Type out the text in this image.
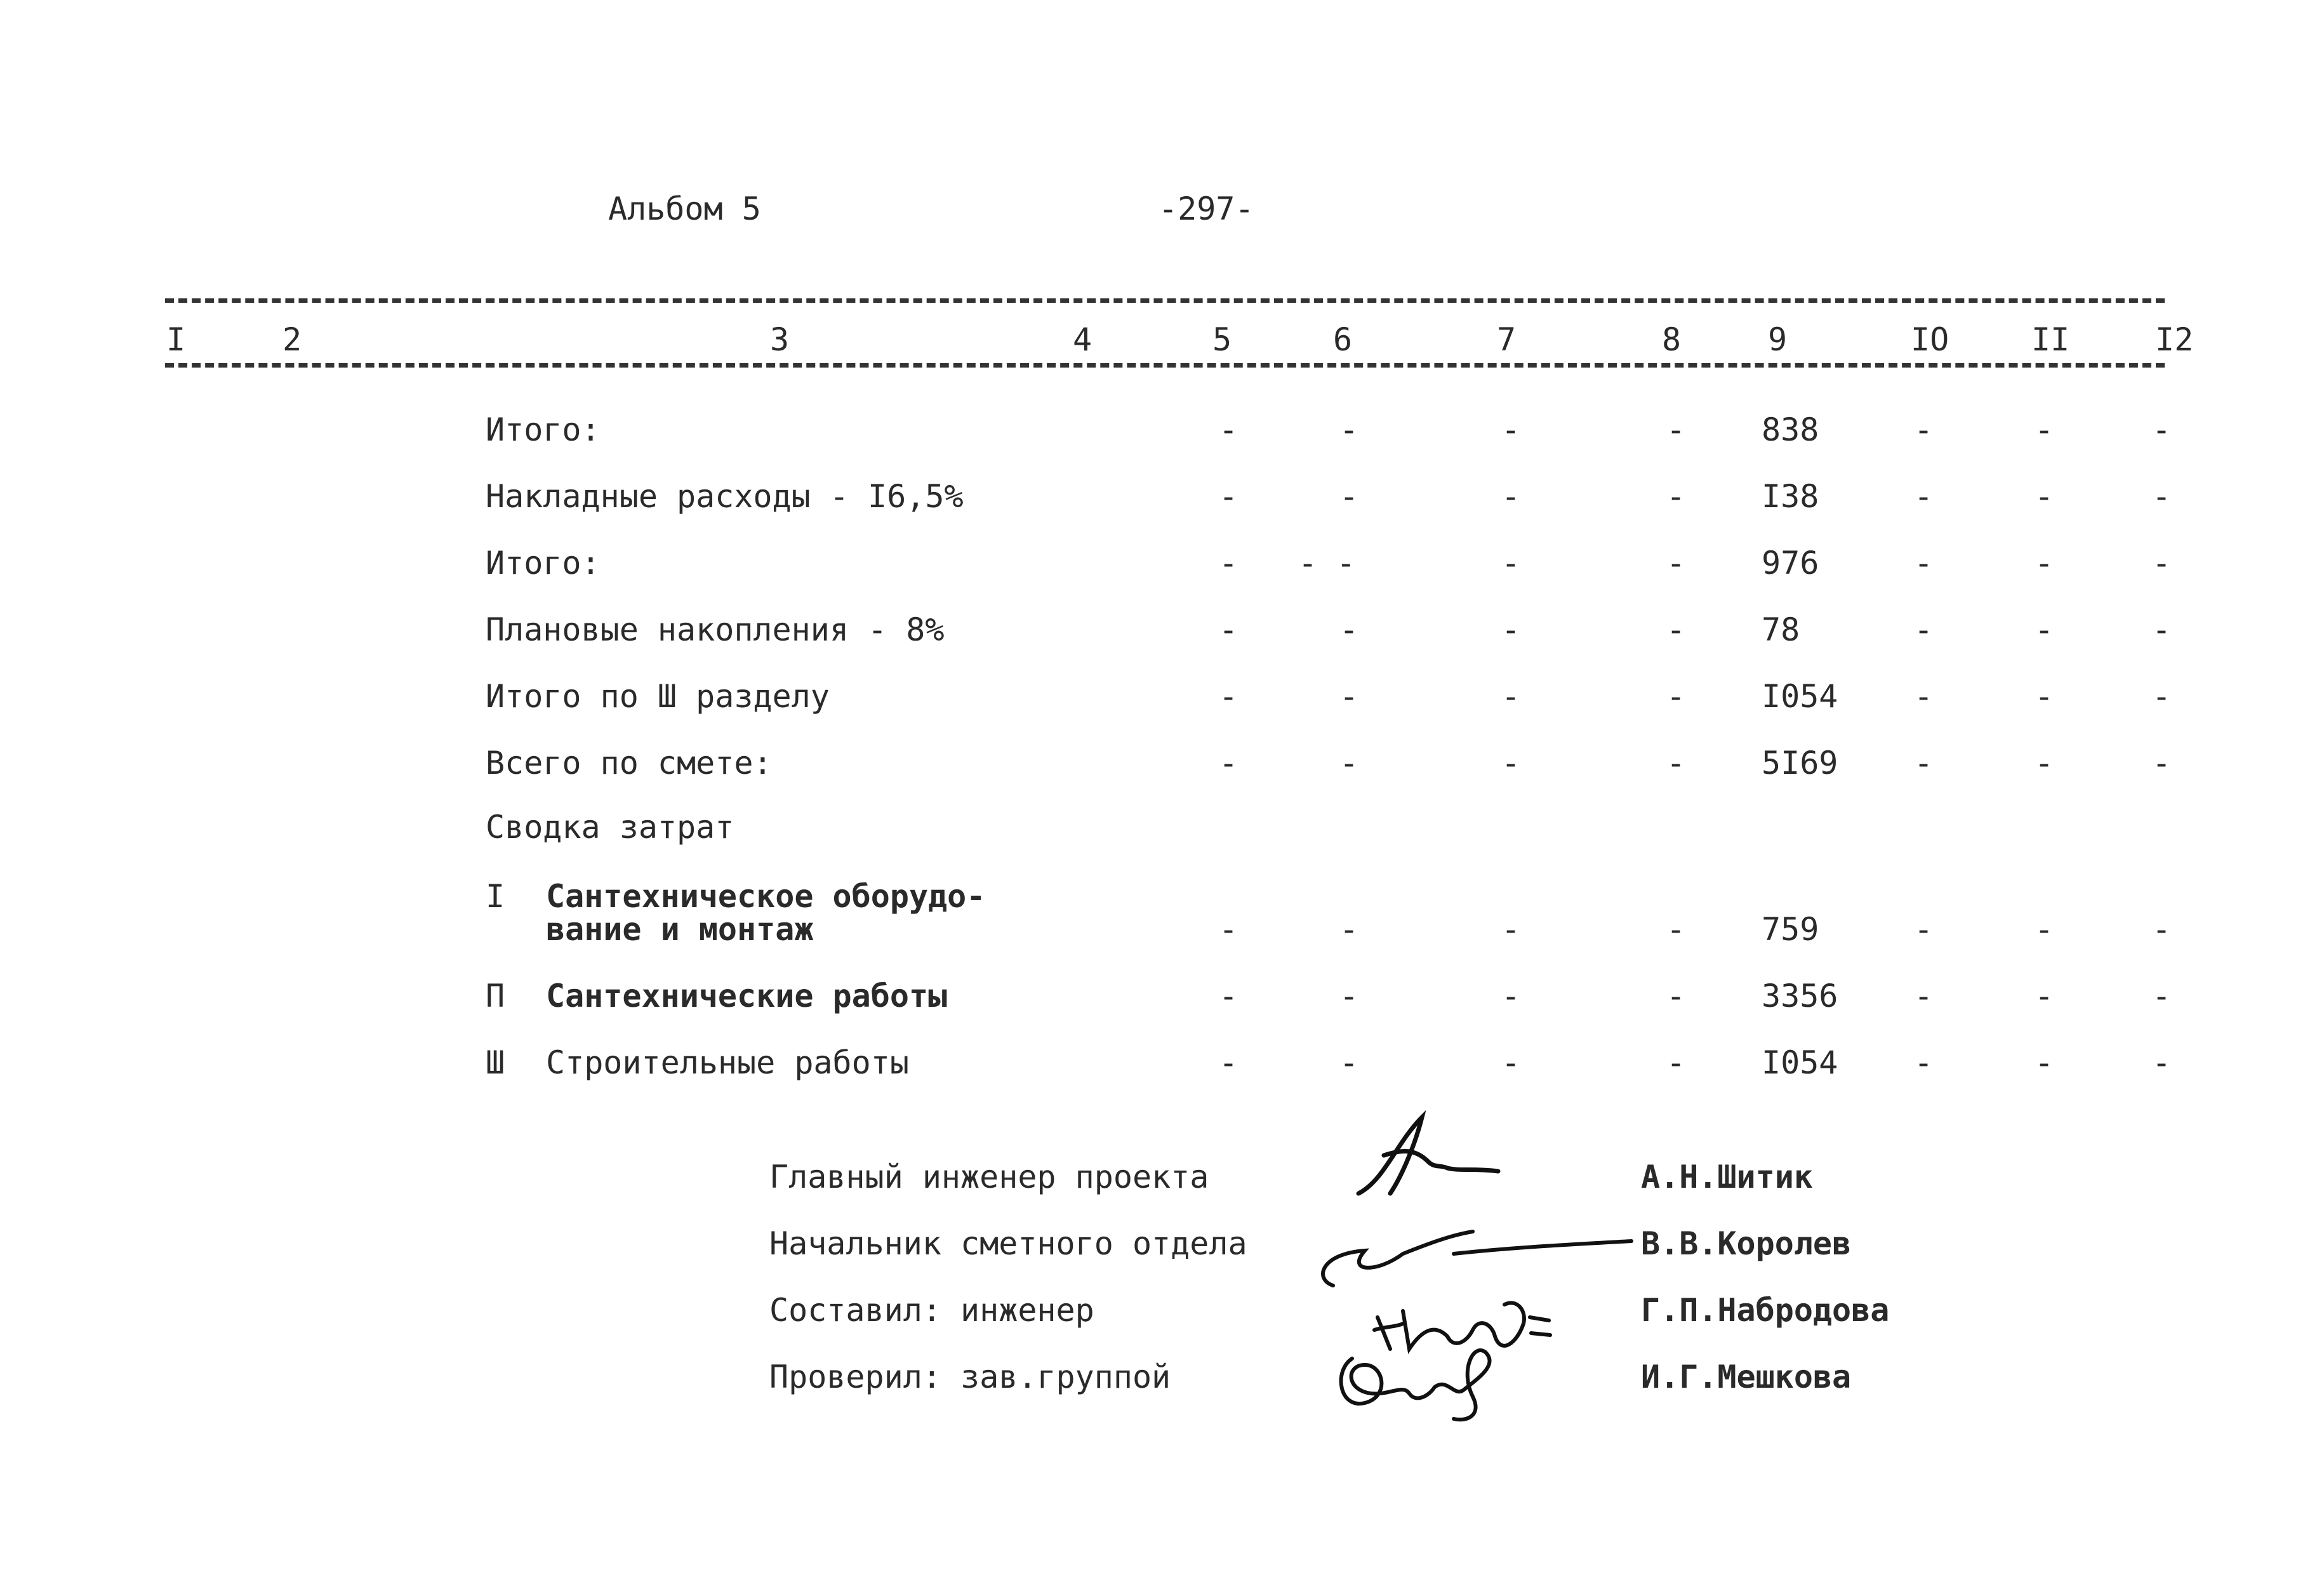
Альбом 5	-297-
I	2	3	4	5	6	7	8	9	IO	II	I2
Итого:	-	-	-	- 838	-	-	-
Накладные расходы - I6,5%	-	-	-	- I38	-	-	-
Итого:	- - -	-	- 976	-	-	-
Плановые накопления - 8%	-	-	-	- 78	-	-	-
Итого по Ш разделу	-	-	-	- I054 -	-	-
Всего по смете:	-	-	-	- 5I69 -	-	-
Сводка затрат
I Сантехническое оборудо-
вание и монтаж	-	-	-	- 759	-	-	-
П Сантехнические работы	-	-	-	- 3356 -	-	-
Ш Строительные работы	-	-	-	- I054 -	-	-
Главный инженер проекта	А.Н.Шитик
Начальник сметного отдела	В.В.Королев
Составил: инженер	Г.П.Набродова
Проверил: зав.группой	И.Г.Мешкова
